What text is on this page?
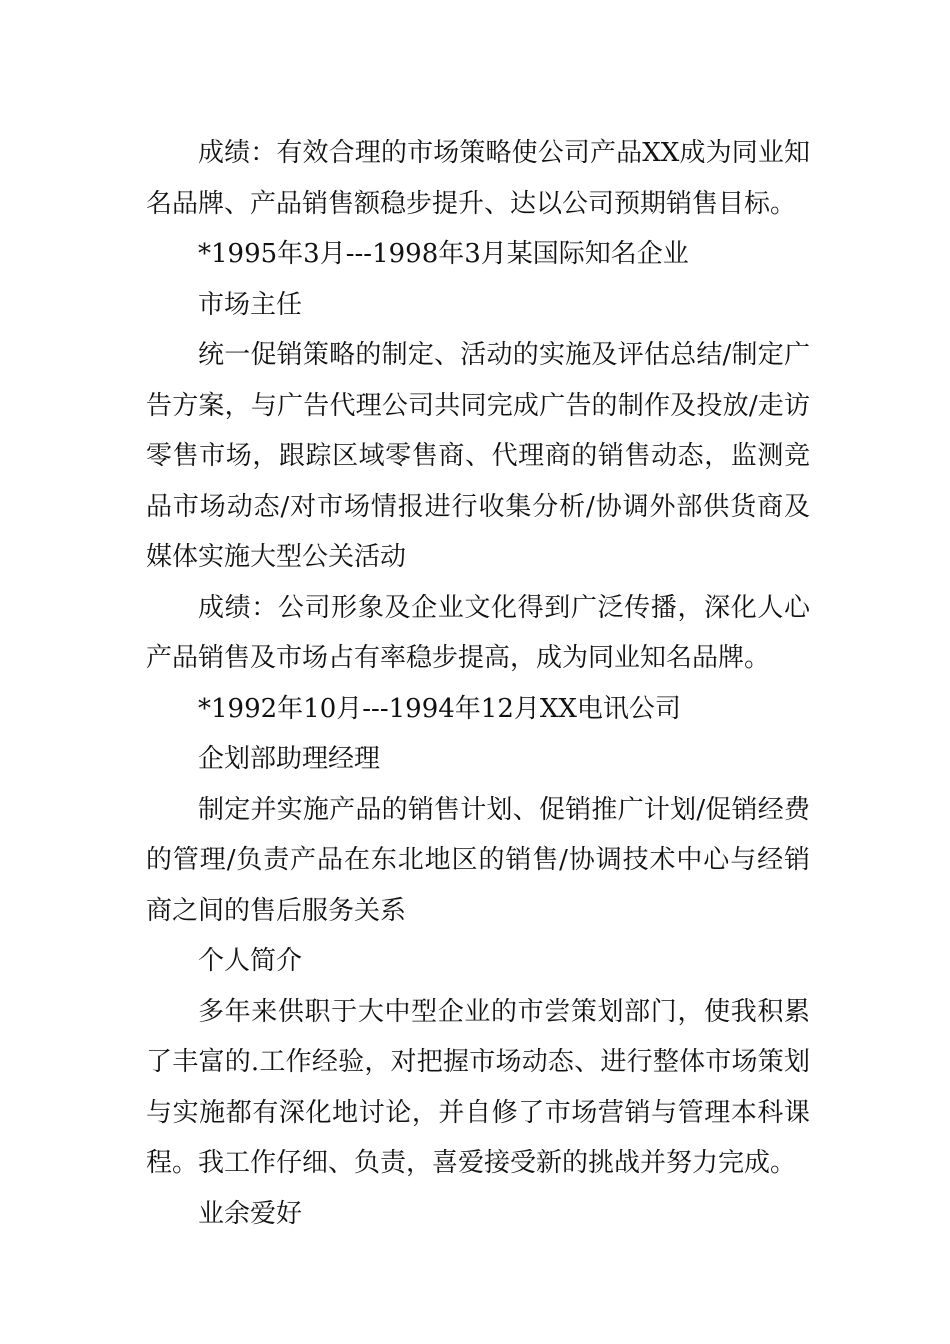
成绩：有效合理的市场策略使公司产品XX成为同业知名品牌、产品销售额稳步提升、达以公司预期销售目标。

*1995年3月---1998年3月某国际知名企业

市场主任

统一促销策略的制定、活动的实施及评估总结/制定广告方案，与广告代理公司共同完成广告的制作及投放/走访零售市场，跟踪区域零售商、代理商的销售动态，监测竞品市场动态/对市场情报进行收集分析/协调外部供货商及媒体实施大型公关活动

成绩：公司形象及企业文化得到广泛传播，深化人心产品销售及市场占有率稳步提高，成为同业知名品牌。

*1992年10月---1994年12月XX电讯公司

企划部助理经理

制定并实施产品的销售计划、促销推广计划/促销经费的管理/负责产品在东北地区的销售/协调技术中心与经销商之间的售后服务关系

个人简介

多年来供职于大中型企业的市尝策划部门，使我积累了丰富的.工作经验，对把握市场动态、进行整体市场策划与实施都有深化地讨论，并自修了市场营销与管理本科课程。我工作仔细、负责，喜爱接受新的挑战并努力完成。

业余爱好
